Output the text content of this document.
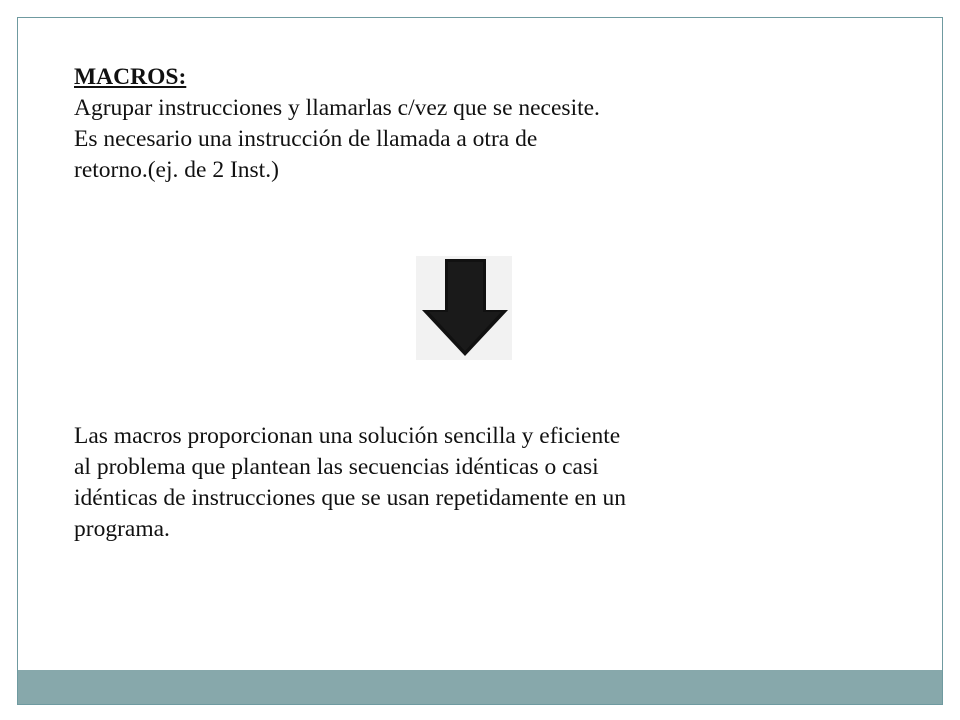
MACROS:
Agrupar instrucciones y llamarlas c/vez que se necesite.
Es necesario una instrucción de llamada a otra de
retorno.(ej. de 2 Inst.)
Las macros proporcionan una solución sencilla y eficiente
al problema que plantean las secuencias idénticas o casi
idénticas de instrucciones que se usan repetidamente en un
programa.
